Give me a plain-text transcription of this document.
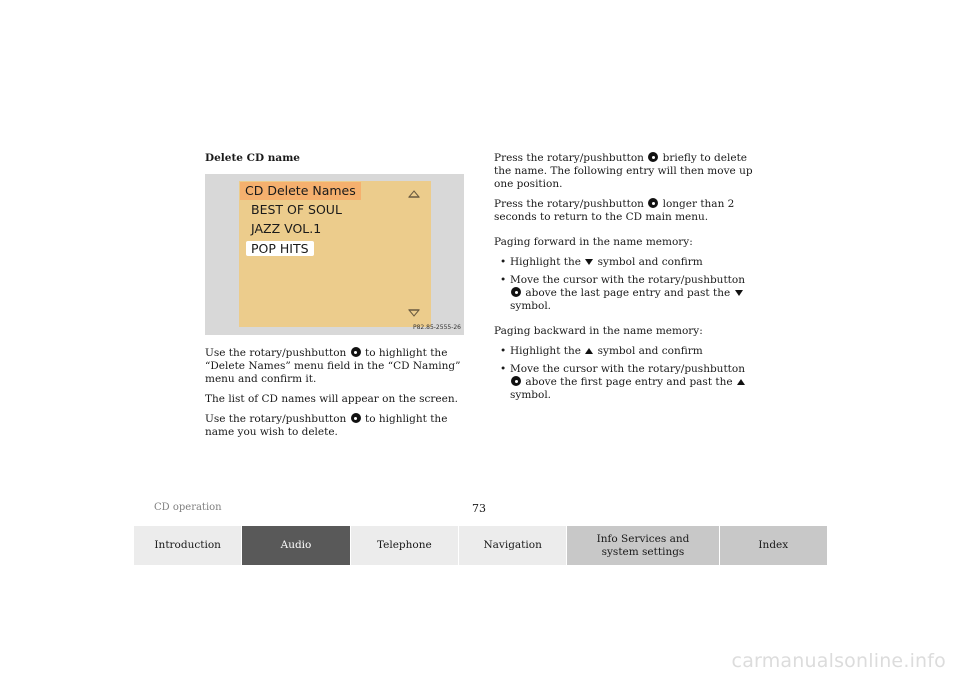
Delete CD name
CD Delete Names
BEST OF SOUL
JAZZ VOL.1
POP HITS
P82.85-2555-26

Use the rotary/pushbutton to highlight the “Delete Names” menu field in the “CD Naming” menu and confirm it.

The list of CD names will appear on the screen.

Use the rotary/pushbutton to highlight the name you wish to delete.

Press the rotary/pushbutton briefly to delete the name. The following entry will then move up one position.

Press the rotary/pushbutton longer than 2 seconds to return to the CD main menu.

Paging forward in the name memory:

• Highlight the symbol and confirm
• Move the cursor with the rotary/pushbutton  above the last page entry and past the  symbol.

Paging backward in the name memory:

• Highlight the symbol and confirm
• Move the cursor with the rotary/pushbutton  above the first page entry and past the  symbol.
CD operation	73
Introduction	Audio	Telephone	Navigation
Info Services and system settings
Index
carmanualsonline.info
